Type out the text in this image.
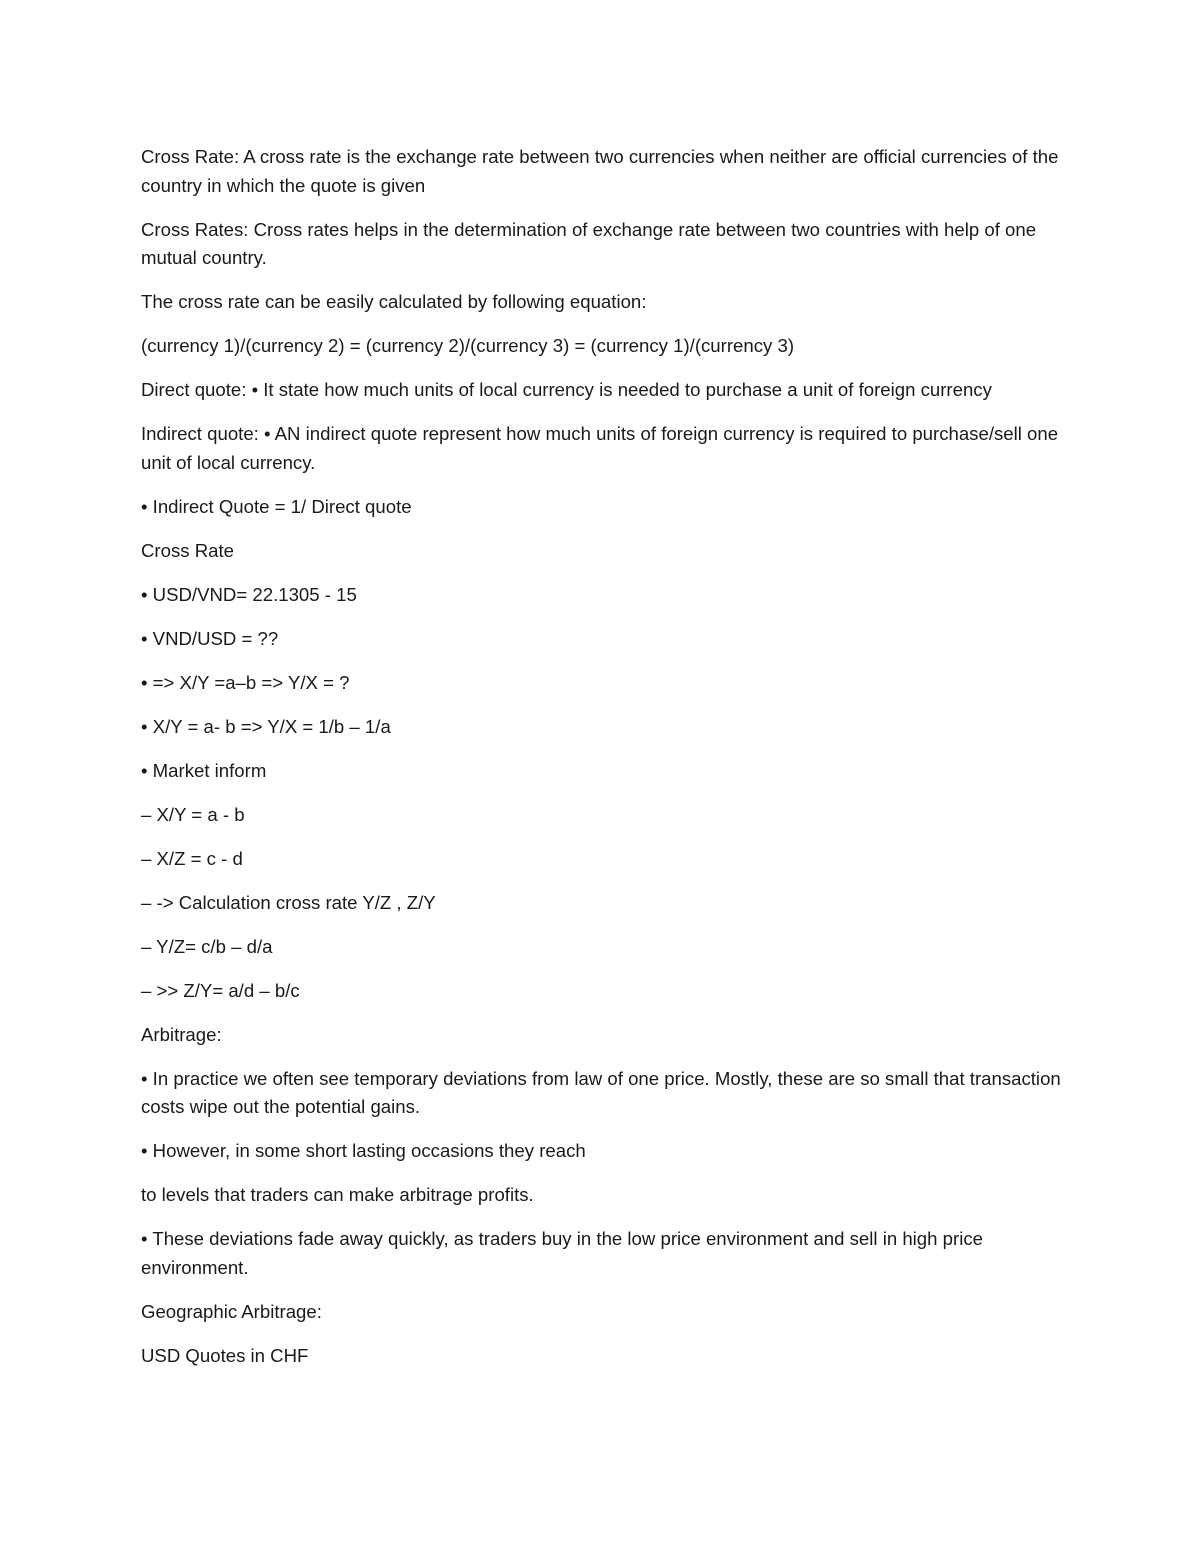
Cross Rate: A cross rate is the exchange rate between two currencies when neither are official currencies of the country in which the quote is given

Cross Rates: Cross rates helps in the determination of exchange rate between two countries with help of one mutual country.

The cross rate can be easily calculated by following equation:

(currency 1)/(currency 2) = (currency 2)/(currency 3) = (currency 1)/(currency 3)

Direct quote: • It state how much units of local currency is needed to purchase a unit of foreign currency

Indirect quote: • AN indirect quote represent how much units of foreign currency is required to purchase/sell one unit of local currency.

• Indirect Quote = 1/ Direct quote

Cross Rate

• USD/VND= 22.1305 - 15

• VND/USD = ??

• => X/Y =a–b => Y/X = ?

• X/Y = a- b => Y/X = 1/b – 1/a

• Market inform

– X/Y = a - b

– X/Z = c - d

– -> Calculation cross rate Y/Z , Z/Y

– Y/Z= c/b – d/a

– >> Z/Y= a/d – b/c

Arbitrage:

• In practice we often see temporary deviations from law of one price. Mostly, these are so small that transaction costs wipe out the potential gains.

• However, in some short lasting occasions they reach

to levels that traders can make arbitrage profits.

• These deviations fade away quickly, as traders buy in the low price environment and sell in high price environment.

Geographic Arbitrage:

USD Quotes in CHF
